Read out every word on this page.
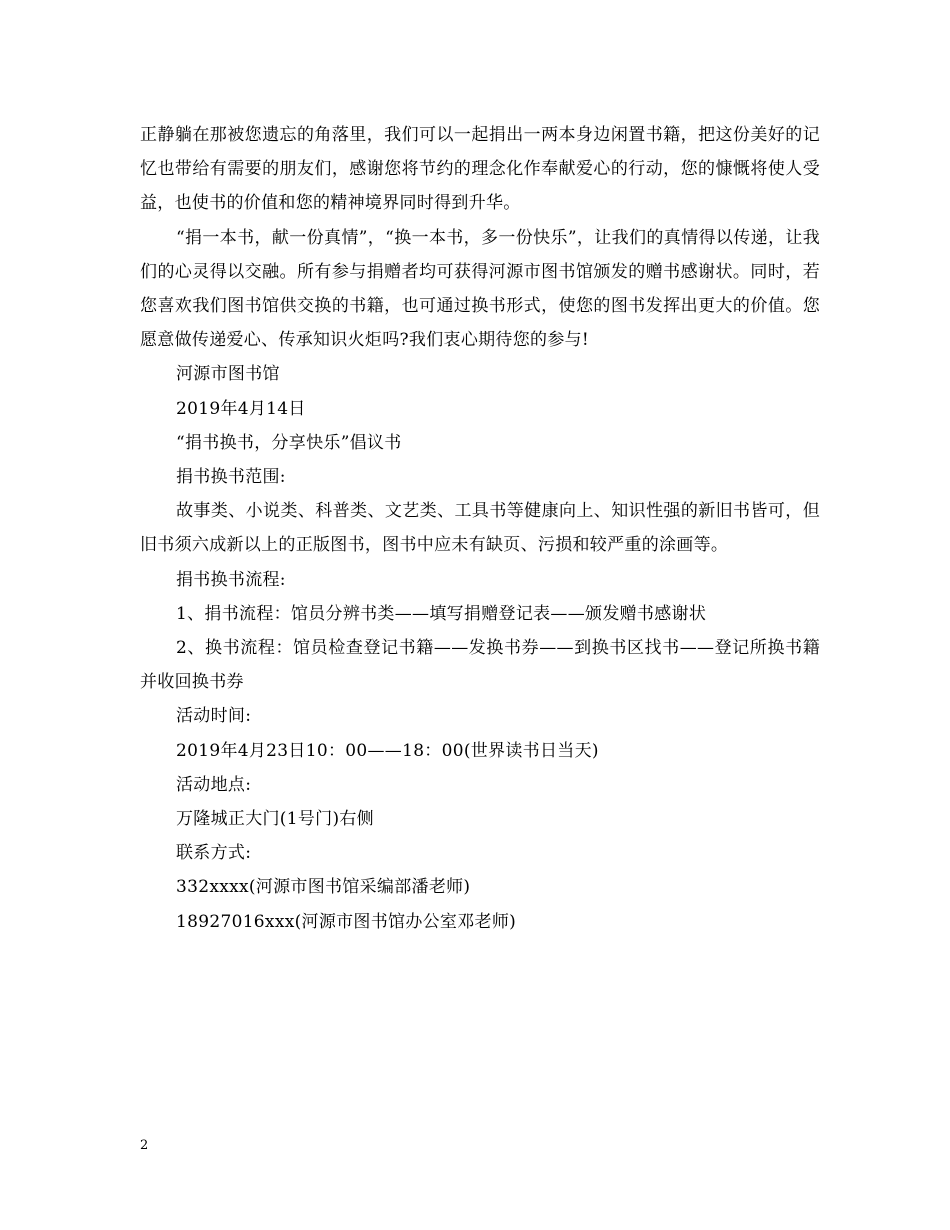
正静躺在那被您遗忘的角落里，我们可以一起捐出一两本身边闲置书籍，把这份美好的记忆也带给有需要的朋友们，感谢您将节约的理念化作奉献爱心的行动，您的慷慨将使人受益，也使书的价值和您的精神境界同时得到升华。

“捐一本书，献一份真情”，“换一本书，多一份快乐”，让我们的真情得以传递，让我们的心灵得以交融。所有参与捐赠者均可获得河源市图书馆颁发的赠书感谢状。同时，若您喜欢我们图书馆供交换的书籍，也可通过换书形式，使您的图书发挥出更大的价值。您愿意做传递爱心、传承知识火炬吗?我们衷心期待您的参与!

河源市图书馆

2019年4月14日

“捐书换书，分享快乐”倡议书

捐书换书范围:

故事类、小说类、科普类、文艺类、工具书等健康向上、知识性强的新旧书皆可，但旧书须六成新以上的正版图书，图书中应未有缺页、污损和较严重的涂画等。

捐书换书流程:

1、捐书流程：馆员分辨书类——填写捐赠登记表——颁发赠书感谢状

2、换书流程：馆员检查登记书籍——发换书券——到换书区找书——登记所换书籍并收回换书券

活动时间:

2019年4月23日10：00——18：00(世界读书日当天)

活动地点:

万隆城正大门(1号门)右侧

联系方式:

332xxxx(河源市图书馆采编部潘老师)

18927016xxx(河源市图书馆办公室邓老师)

2
